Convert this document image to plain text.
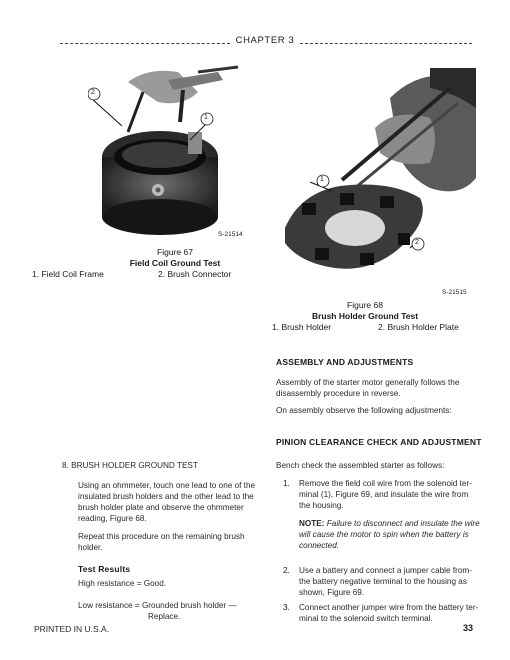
CHAPTER 3
2
1
S-21514
Figure 67
Field Coil Ground Test
1. Field Coil Frame	2. Brush Connector
1
2
S-21515
Figure 68
Brush Holder Ground Test
1. Brush Holder	2. Brush Holder Plate
ASSEMBLY AND ADJUSTMENTS
Assembly of the starter motor generally follows the
disassembly procedure in reverse.
On assembly observe the following adjustments:
PINION CLEARANCE CHECK AND ADJUSTMENT
Bench check the assembled starter as follows:
1. Remove the field coil wire from the solenoid ter-
minal (1), Figure 69, and insulate the wire from
the housing.
NOTE: Failure to disconnect and insulate the wire
will cause the motor to spin when the battery is
connected.
2. Use a battery and connect a jumper cable from-
the battery negative terminal to the housing as
shown, Figure 69.
3. Connect another jumper wire from the battery ter-
minal to the solenoid switch terminal.
8. BRUSH HOLDER GROUND TEST
Using an ohmmeter, touch one lead to one of the
insulated brush holders and the other lead to the
brush holder plate and observe the ohmmeter
reading, Figure 68.
Repeat this procedure on the remaining brush
holder.
Test Results
High resistance = Good.
Low resistance = Grounded brush holder —
Replace.
PRINTED IN U.S.A.	33
